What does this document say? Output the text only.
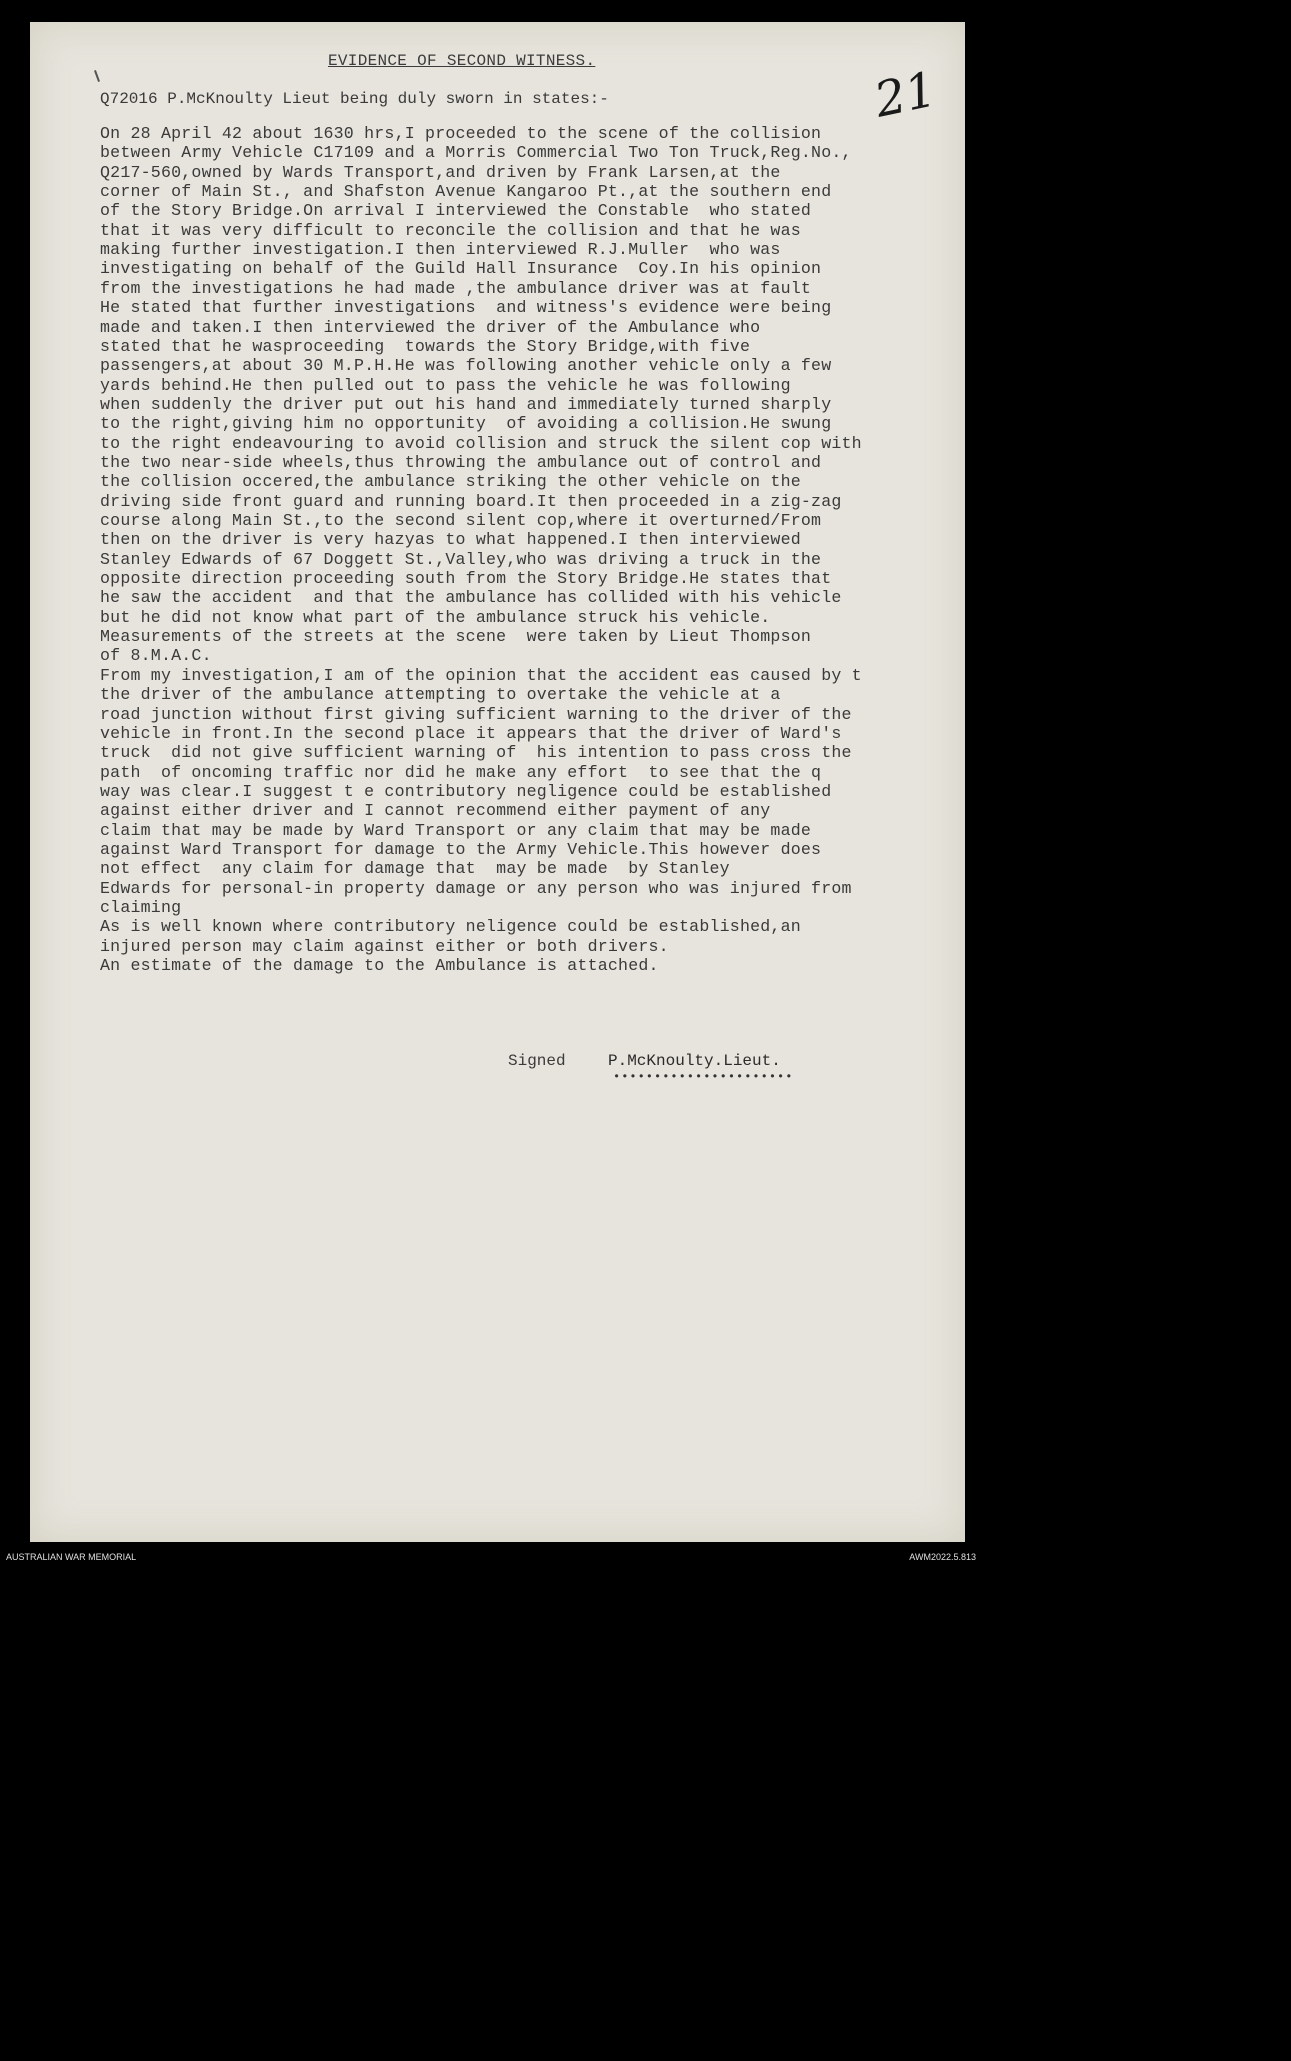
EVIDENCE OF SECOND WITNESS.
21
Q72016 P.McKnoulty Lieut being duly sworn in states:-
On 28 April 42 about 1630 hrs,I proceeded to the scene of the collision
between Army Vehicle C17109 and a Morris Commercial Two Ton Truck,Reg.No.,
Q217-560,owned by Wards Transport,and driven by Frank Larsen,at the
corner of Main St., and Shafston Avenue Kangaroo Pt.,at the southern end
of the Story Bridge.On arrival I interviewed the Constable  who stated
that it was very difficult to reconcile the collision and that he was
making further investigation.I then interviewed R.J.Muller  who was
investigating on behalf of the Guild Hall Insurance  Coy.In his opinion
from the investigations he had made ,the ambulance driver was at fault
He stated that further investigations  and witness's evidence were being
made and taken.I then interviewed the driver of the Ambulance who
stated that he wasproceeding  towards the Story Bridge,with five
passengers,at about 30 M.P.H.He was following another vehicle only a few
yards behind.He then pulled out to pass the vehicle he was following
when suddenly the driver put out his hand and immediately turned sharply
to the right,giving him no opportunity  of avoiding a collision.He swung
to the right endeavouring to avoid collision and struck the silent cop with
the two near-side wheels,thus throwing the ambulance out of control and
the collision occered,the ambulance striking the other vehicle on the
driving side front guard and running board.It then proceeded in a zig-zag
course along Main St.,to the second silent cop,where it overturned/From
then on the driver is very hazyas to what happened.I then interviewed
Stanley Edwards of 67 Doggett St.,Valley,who was driving a truck in the
opposite direction proceeding south from the Story Bridge.He states that
he saw the accident  and that the ambulance has collided with his vehicle
but he did not know what part of the ambulance struck his vehicle.
Measurements of the streets at the scene  were taken by Lieut Thompson
of 8.M.A.C.
From my investigation,I am of the opinion that the accident eas caused by t
the driver of the ambulance attempting to overtake the vehicle at a
road junction without first giving sufficient warning to the driver of the
vehicle in front.In the second place it appears that the driver of Ward's
truck  did not give sufficient warning of  his intention to pass cross the
path  of oncoming traffic nor did he make any effort  to see that the q
way was clear.I suggest t e contributory negligence could be established
against either driver and I cannot recommend either payment of any
claim that may be made by Ward Transport or any claim that may be made
against Ward Transport for damage to the Army Vehicle.This however does
not effect  any claim for damage that  may be made  by Stanley
Edwards for personal-in property damage or any person who was injured from
claiming
As is well known where contributory neligence could be established,an
injured person may claim against either or both drivers.
An estimate of the damage to the Ambulance is attached.
Signed	P.McKnoulty.Lieut.
••••••••••••••••••••••
AUSTRALIAN WAR MEMORIAL	AWM2022.5.813
